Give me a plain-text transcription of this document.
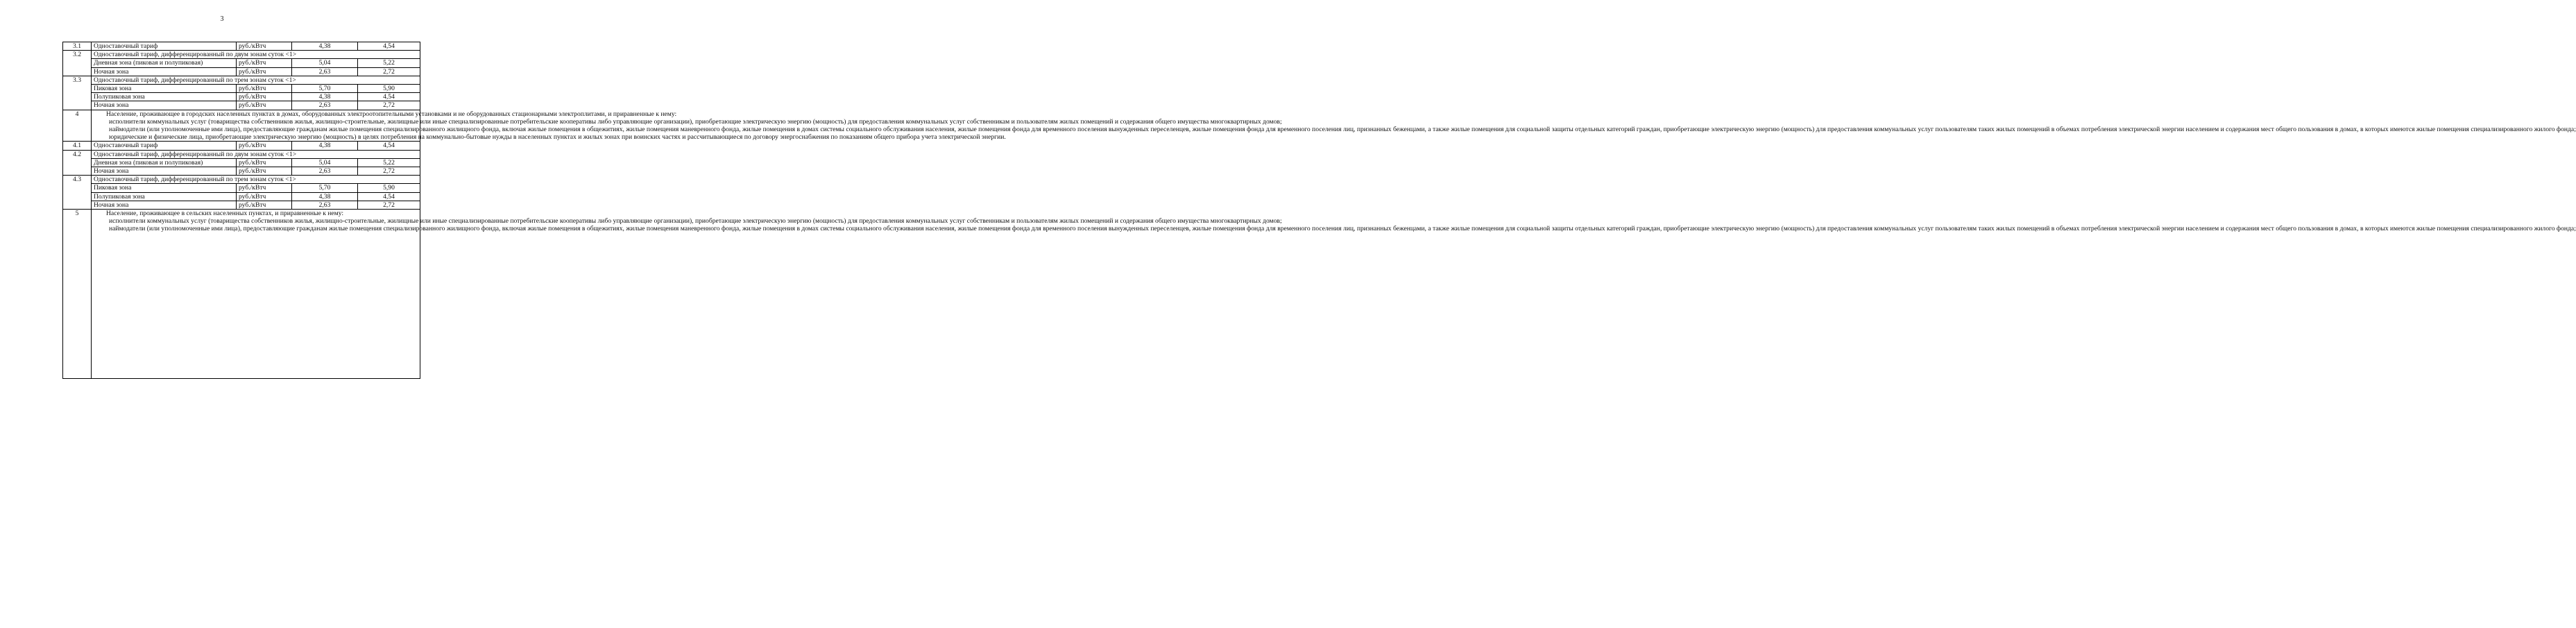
3
3.1	Одноставочный тариф	руб./кВтч	4,38	4,54
3.2	Одноставочный тариф, дифференцированный по двум зонам суток <1>			
	Дневная зона (пиковая и полупиковая)	руб./кВтч	5,04	5,22
	Ночная зона	руб./кВтч	2,63	2,72
3.3	Одноставочный тариф, дифференцированный по трем зонам суток <1>			
	Пиковая зона	руб./кВтч	5,70	5,90
	Полупиковая зона	руб./кВтч	4,38	4,54
	Ночная зона	руб./кВтч	2,63	2,72
4	Население, проживающее в городских населенных пунктах в домах, оборудованных электроотопительными установками и не оборудованных стационарными электроплитами, и приравненные к нему:

исполнители коммунальных услуг (товарищества собственников жилья, жилищно-строительные, жилищные или иные специализированные потребительские кооперативы либо управляющие организации), приобретающие электрическую энергию (мощность) для предоставления коммунальных услуг собственникам и пользователям жилых помещений и содержания общего имущества многоквартирных домов;

наймодатели (или уполномоченные ими лица), предоставляющие гражданам жилые помещения специализированного жилищного фонда, включая жилые помещения в общежитиях, жилые помещения маневренного фонда, жилые помещения в домах системы социального обслуживания населения, жилые помещения фонда для временного поселения вынужденных переселенцев, жилые помещения фонда для временного поселения лиц, признанных беженцами, а также жилые помещения для социальной защиты отдельных категорий граждан, приобретающие электрическую энергию (мощность) для предоставления коммунальных услуг пользователям таких жилых помещений в объемах потребления электрической энергии населением и содержания мест общего пользования в домах, в которых имеются жилые помещения специализированного жилого фонда;

юридические и физические лица, приобретающие электрическую энергию (мощность) в целях потребления на коммунально-бытовые нужды в населенных пунктах и жилых зонах при воинских частях и рассчитывающиеся по договору энергоснабжения по показаниям общего прибора учета электрической энергии.			

4.1	Одноставочный тариф	руб./кВтч	4,38	4,54
4.2	Одноставочный тариф, дифференцированный по двум зонам суток <1>			
	Дневная зона (пиковая и полупиковая)	руб./кВтч	5,04	5,22
	Ночная зона	руб./кВтч	2,63	2,72
4.3	Одноставочный тариф, дифференцированный по трем зонам суток <1>			
	Пиковая зона	руб./кВтч	5,70	5,90
	Полупиковая зона	руб./кВтч	4,38	4,54
	Ночная зона	руб./кВтч	2,63	2,72
5	Население, проживающее в сельских населенных пунктах, и приравненные к нему:

исполнители коммунальных услуг (товарищества собственников жилья, жилищно-строительные, жилищные или иные специализированные потребительские кооперативы либо управляющие организации), приобретающие электрическую энергию (мощность) для предоставления коммунальных услуг собственникам и пользователям жилых помещений и содержания общего имущества многоквартирных домов;

наймодатели (или уполномоченные ими лица), предоставляющие гражданам жилые помещения специализированного жилищного фонда, включая жилые помещения в общежитиях, жилые помещения маневренного фонда, жилые помещения в домах системы социального обслуживания населения, жилые помещения фонда для временного поселения вынужденных переселенцев, жилые помещения фонда для временного поселения лиц, признанных беженцами, а также жилые помещения для социальной защиты отдельных категорий граждан, приобретающие электрическую энергию (мощность) для предоставления коммунальных услуг пользователям таких жилых помещений в объемах потребления электрической энергии населением и содержания мест общего пользования в домах, в которых имеются жилые помещения специализированного жилого фонда;			
